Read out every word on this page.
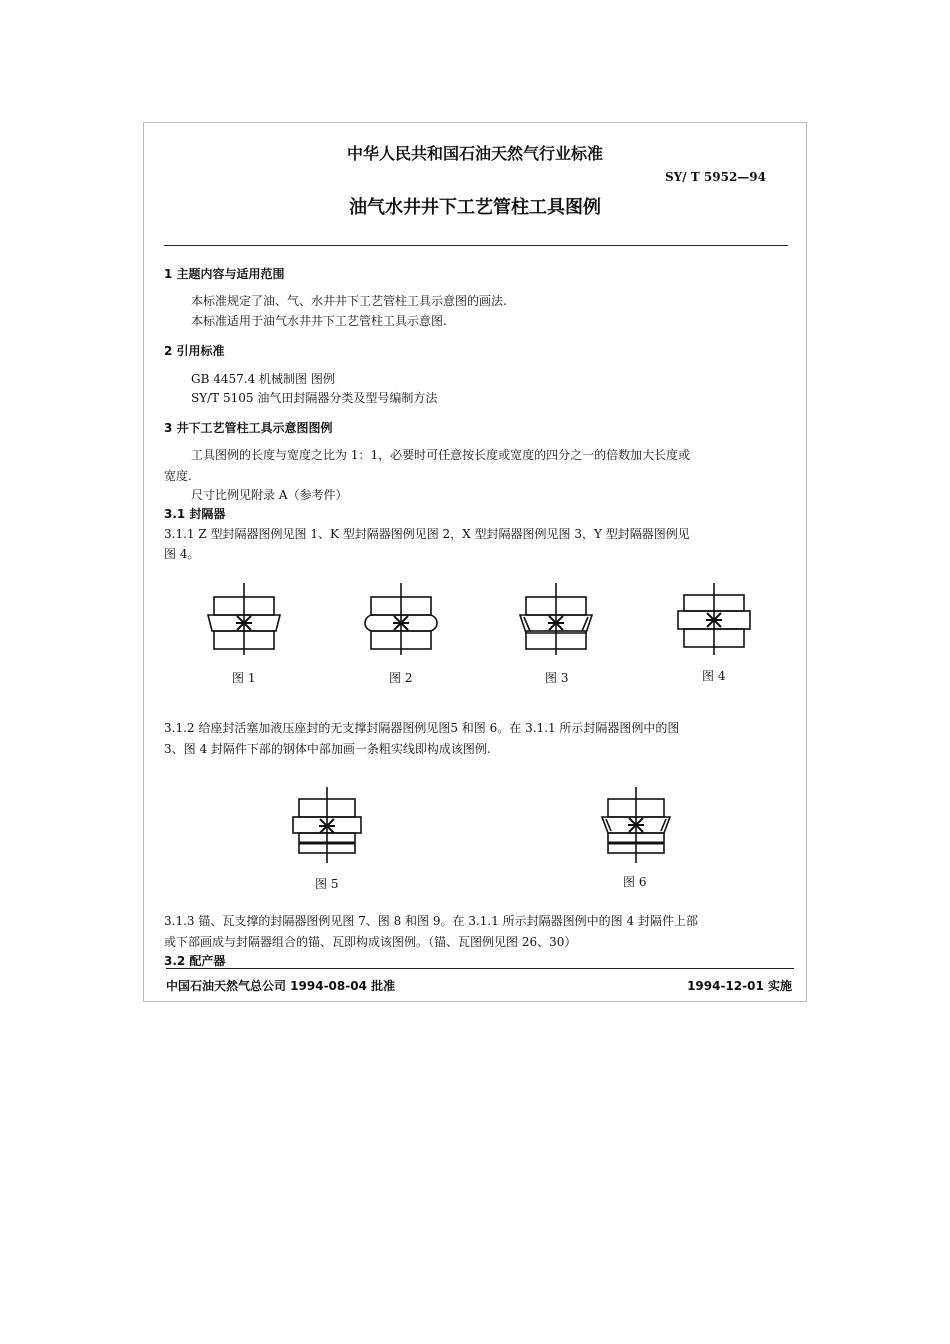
中华人民共和国石油天然气行业标准
SY/ T 5952—94
油气水井井下工艺管柱工具图例
1 主题内容与适用范围
本标准规定了油、气、水井井下工艺管柱工具示意图的画法.
本标准适用于油气水井井下工艺管柱工具示意图.
2 引用标准
GB 4457.4 机械制图 图例
SY/T 5105 油气田封隔器分类及型号编制方法
3 井下工艺管柱工具示意图图例
工具图例的长度与宽度之比为 1：1，必要时可任意按长度或宽度的四分之一的倍数加大长度或
宽度.
尺寸比例见附录 A（参考件）
3.1 封隔器
3.1.1 Z 型封隔器图例见图 1、K 型封隔器图例见图 2，X 型封隔器图例见图 3，Y 型封隔器图例见
图 4。
图 1	图 2	图 3	图 4
3.1.2 给座封活塞加液压座封的无支撑封隔器图例见图5 和图 6。在 3.1.1 所示封隔器图例中的图
3、图 4 封隔件下部的钢体中部加画一条粗实线即构成该图例.
图 5	图 6
3.1.3 锚、瓦支撑的封隔器图例见图 7、图 8 和图 9。在 3.1.1 所示封隔器图例中的图 4 封隔件上部
或下部画成与封隔器组合的锚、瓦即构成该图例。（锚、瓦图例见图 26、30）
3.2 配产器
中国石油天然气总公司 1994-08-04 批准	1994-12-01 实施
